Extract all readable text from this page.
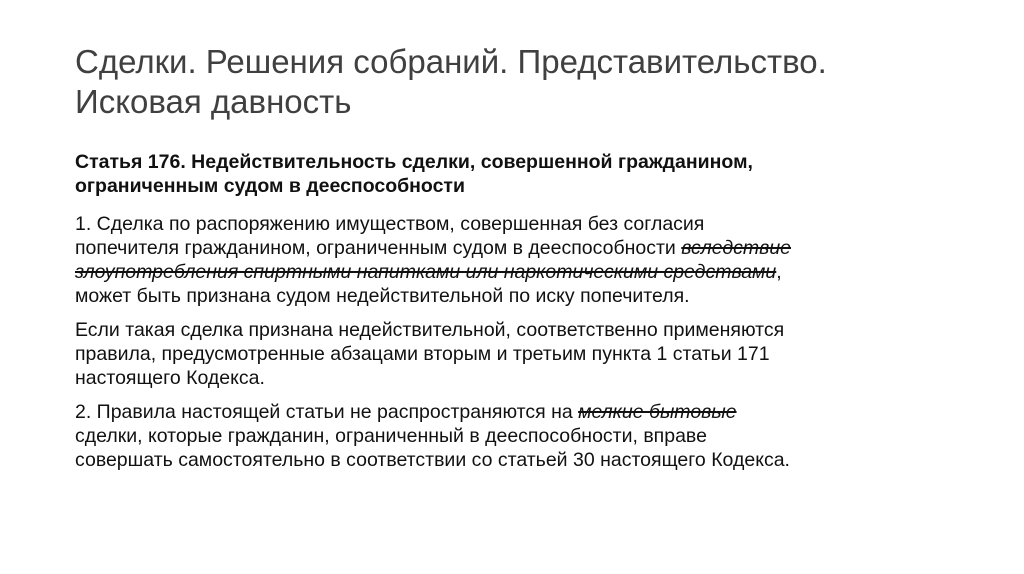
Сделки. Решения собраний. Представительство.
Исковая давность
Статья 176. Недействительность сделки, совершенной гражданином,
ограниченным судом в дееспособности
1. Сделка по распоряжению имуществом, совершенная без согласия
попечителя гражданином, ограниченным судом в дееспособности вследствие
злоупотребления спиртными напитками или наркотическими средствами,
может быть признана судом недействительной по иску попечителя.
Если такая сделка признана недействительной, соответственно применяются
правила, предусмотренные абзацами вторым и третьим пункта 1 статьи 171
настоящего Кодекса.
2. Правила настоящей статьи не распространяются на мелкие бытовые
сделки, которые гражданин, ограниченный в дееспособности, вправе
совершать самостоятельно в соответствии со статьей 30 настоящего Кодекса.
